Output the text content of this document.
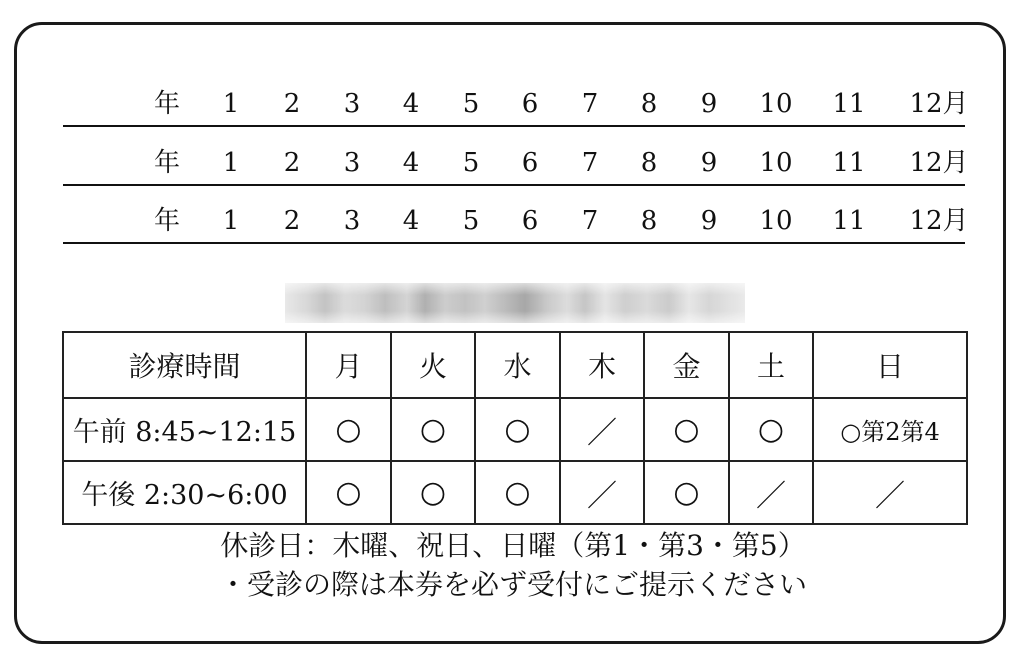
年 1 2 3 4 5 6 7 8 9 10 11 12月
年 1 2 3 4 5 6 7 8 9 10 11 12月
年 1 2 3 4 5 6 7 8 9 10 11 12月
診療時間	月	火	水	木	金	土	日
午前 8:45~12:15	○	○	○	／	○	○	○第2第4
午後 2:30~6:00	○	○	○	／	○	／	／
休診日：木曜、祝日、日曜（第1・第3・第5）
・受診の際は本券を必ず受付にご提示ください
